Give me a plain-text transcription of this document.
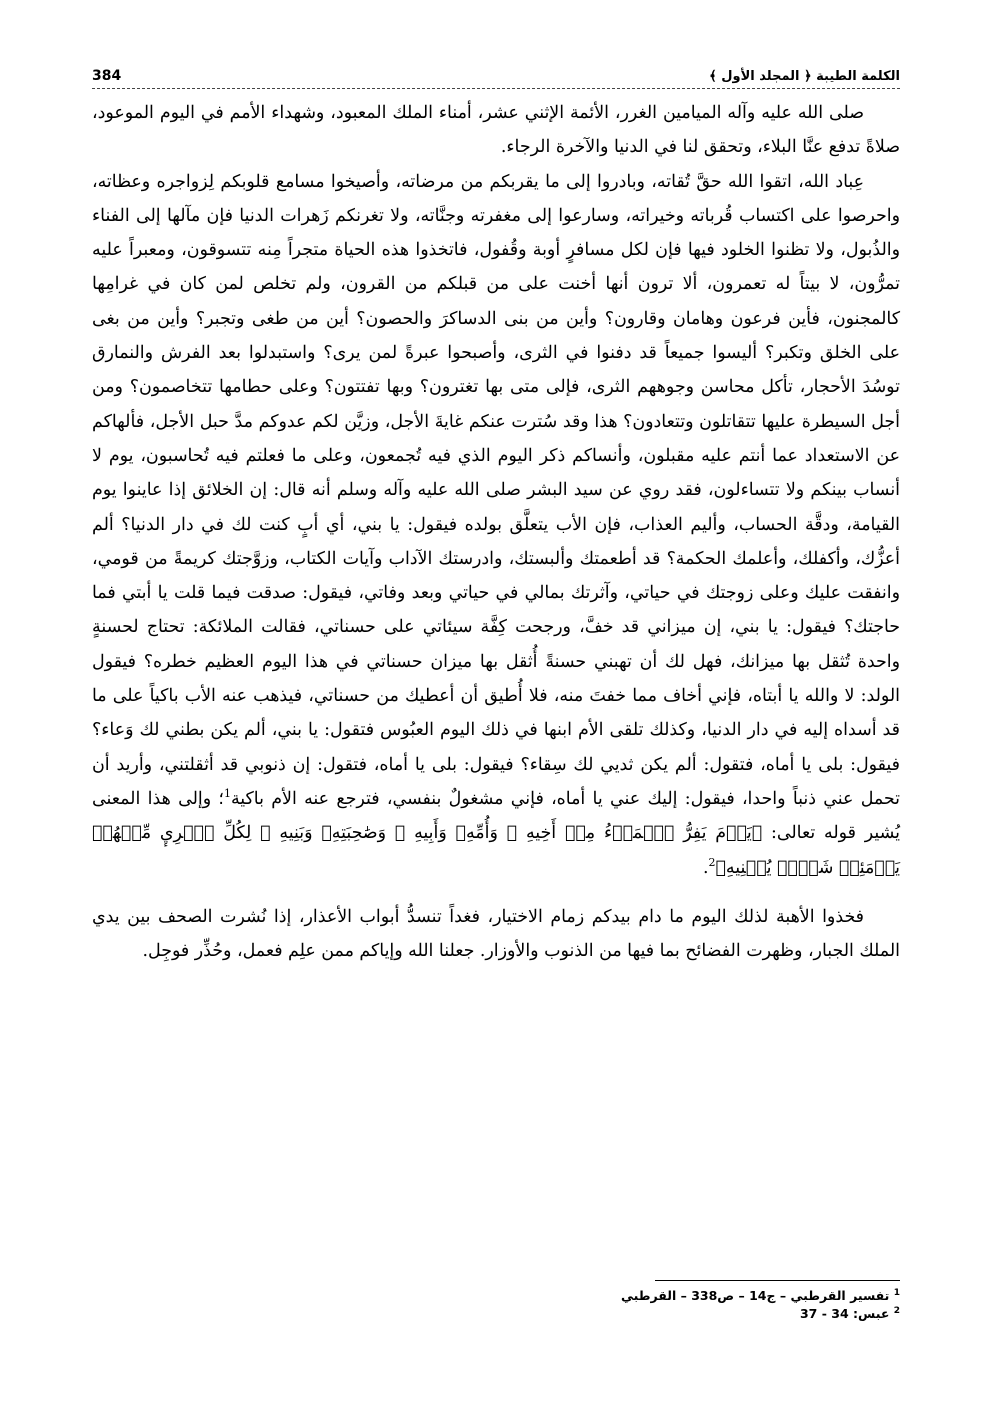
الكلمة الطيبة ﴿ المجلد الأول ﴾
384

صلى الله عليه وآله الميامين الغرر، الأئمة الإثني عشر، أمناء الملك المعبود، وشهداء الأمم في اليوم الموعود، صلاةً تدفع عنَّا البلاء، وتحقق لنا في الدنيا والآخرة الرجاء.

عِباد الله، اتقوا الله حقَّ تُقاته، وبادروا إلى ما يقربكم من مرضاته، وأصيخوا مسامع قلوبكم لِزواجره وعظاته، واحرصوا على اكتساب قُرباته وخيراته، وسارعوا إلى مغفرته وجنَّاته، ولا تغرنكم زَهرات الدنيا فإن مآلها إلى الفناء والذُبول، ولا تظنوا الخلود فيها فإن لكل مسافرٍ أوبة وقُفول، فاتخذوا هذه الحياة متجراً مِنه تتسوقون، ومعبراً عليه تمرُّون، لا بيتاً له تعمرون، ألا ترون أنها أخنت على من قبلكم من القرون، ولم تخلص لمن كان في غرامِها كالمجنون، فأين فرعون وهامان وقارون؟ وأين من بنى الدساكرَ والحصون؟ أين من طغى وتجبر؟ وأين من بغى على الخلق وتكبر؟ أليسوا جميعاً قد دفنوا في الثرى، وأصبحوا عبرةً لمن يرى؟ واستبدلوا بعد الفرش والنمارق توسُدَ الأحجار، تأكل محاسن وجوههم الثرى، فإلى متى بها تغترون؟ وبها تفتتون؟ وعلى حطامها تتخاصمون؟ ومن أجل السيطرة عليها تتقاتلون وتتعادون؟ هذا وقد سُترت عنكم غايةَ الأجل، وزيَّن لكم عدوكم مدَّ حبل الأجل، فألهاكم عن الاستعداد عما أنتم عليه مقبلون، وأنساكم ذكر اليوم الذي فيه تُجمعون، وعلى ما فعلتم فيه تُحاسبون، يوم لا أنساب بينكم ولا تتساءلون، فقد روي عن سيد البشر صلى الله عليه وآله وسلم أنه قال: إن الخلائق إذا عاينوا يوم القيامة، ودقَّة الحساب، وأليم العذاب، فإن الأب يتعلَّق بولده فيقول: يا بني، أي أبٍ كنت لك في دار الدنيا؟ ألم أعزُّك، وأكفلك، وأعلمك الحكمة؟ قد أطعمتك وألبستك، وادرستك الآداب وآيات الكتاب، وزوَّجتك كريمةً من قومي، وانفقت عليك وعلى زوجتك في حياتي، وآثرتك بمالي في حياتي وبعد وفاتي، فيقول: صدقت فيما قلت يا أبتي فما حاجتك؟ فيقول: يا بني، إن ميزاني قد خفَّ، ورجحت كِفَّة سيئاتي على حسناتي، فقالت الملائكة: تحتاج لحسنةٍ واحدة تُثقل بها ميزانك، فهل لك أن تهبني حسنةً أُثقل بها ميزان حسناتي في هذا اليوم العظيم خطره؟ فيقول الولد: لا والله يا أبتاه، فإني أخاف مما خفتَ منه، فلا أُطيق أن أعطيك من حسناتي، فيذهب عنه الأب باكياً على ما قد أسداه إليه في دار الدنيا، وكذلك تلقى الأم ابنها في ذلك اليوم العبُوس فتقول: يا بني، ألم يكن بطني لك وَعاء؟ فيقول: بلى يا أماه، فتقول: ألم يكن ثديي لك سِقاء؟ فيقول: بلى يا أماه، فتقول: إن ذنوبي قد أثقلتني، وأريد أن تحمل عني ذنباً واحدا، فيقول: إليك عني يا أماه، فإني مشغولٌ بنفسي، فترجع عنه الأم باكية$^1$؛ وإلى هذا المعنى يُشير قوله تعالى: ﴿يَوۡمَ يَفِرُّ ٱلۡمَرۡءُ مِنۡ أَخِيهِ ۞ وَأُمِّهِۦ وَأَبِيهِ ۞ وَصَٰحِبَتِهِۦ وَبَنِيهِ ۞ لِكُلِّ ٱمۡرِيٕ مِّنۡهُمۡ يَوۡمَئِذٖ شَأۡنٞ يُغۡنِيهِ﴾$^2$.

فخذوا الأهبة لذلك اليوم ما دام بيدكم زمام الاختيار، فغداً تنسدُّ أبواب الأعذار، إذا نُشرت الصحف بين يدي الملك الجبار، وظهرت الفضائح بما فيها من الذنوب والأوزار. جعلنا الله وإياكم ممن علِم فعمل، وحُذِّر فوجِل.

$^1$ تفسير القرطبي – ج14 – ص338 – القرطبي
$^2$ عبس: 34 - 37
